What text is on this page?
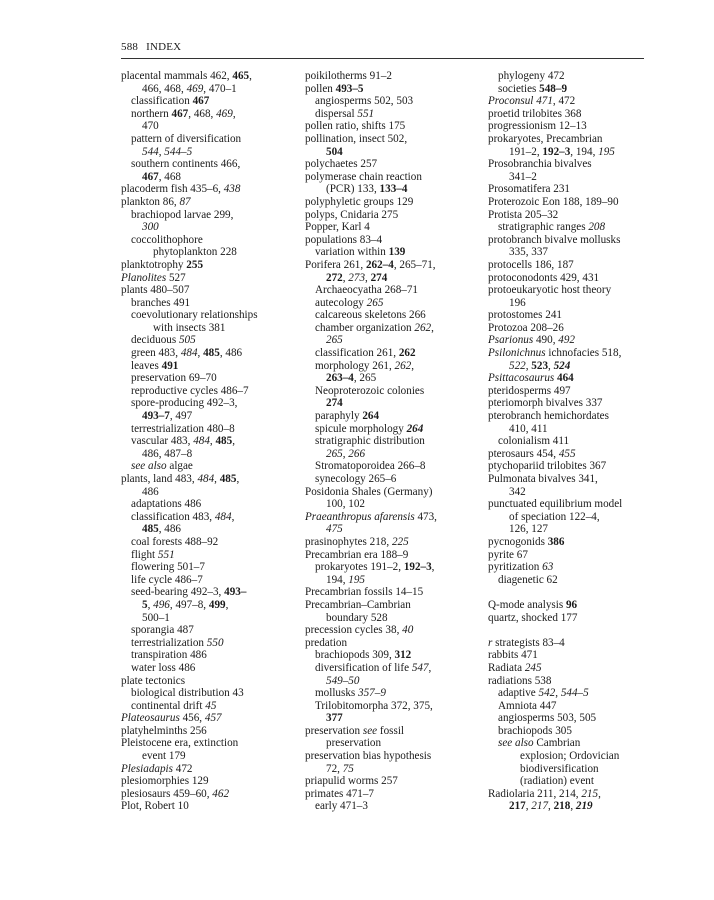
588 INDEX
placental mammals 462, 465,
466, 468, 469, 470–1
classification 467
northern 467, 468, 469,
470
pattern of diversification
544, 544–5
southern continents 466,
467, 468
placoderm fish 435–6, 438
plankton 86, 87
brachiopod larvae 299,
300
coccolithophore
phytoplankton 228
planktotrophy 255
Planolites 527
plants 480–507
branches 491
coevolutionary relationships
with insects 381
deciduous 505
green 483, 484, 485, 486
leaves 491
preservation 69–70
reproductive cycles 486–7
spore-producing 492–3,
493–7, 497
terrestrialization 480–8
vascular 483, 484, 485,
486, 487–8
see also algae
plants, land 483, 484, 485,
486
adaptations 486
classification 483, 484,
485, 486
coal forests 488–92
flight 551
flowering 501–7
life cycle 486–7
seed-bearing 492–3, 493–
5, 496, 497–8, 499,
500–1
sporangia 487
terrestrialization 550
transpiration 486
water loss 486
plate tectonics
biological distribution 43
continental drift 45
Plateosaurus 456, 457
platyhelminths 256
Pleistocene era, extinction
event 179
Plesiadapis 472
plesiomorphies 129
plesiosaurs 459–60, 462
Plot, Robert 10
poikilotherms 91–2
pollen 493–5
angiosperms 502, 503
dispersal 551
pollen ratio, shifts 175
pollination, insect 502,
504
polychaetes 257
polymerase chain reaction
(PCR) 133, 133–4
polyphyletic groups 129
polyps, Cnidaria 275
Popper, Karl 4
populations 83–4
variation within 139
Porifera 261, 262–4, 265–71,
272, 273, 274
Archaeocyatha 268–71
autecology 265
calcareous skeletons 266
chamber organization 262,
265
classification 261, 262
morphology 261, 262,
263–4, 265
Neoproterozoic colonies
274
paraphyly 264
spicule morphology 264
stratigraphic distribution
265, 266
Stromatoporoidea 266–8
synecology 265–6
Posidonia Shales (Germany)
100, 102
Praeanthropus afarensis 473,
475
prasinophytes 218, 225
Precambrian era 188–9
prokaryotes 191–2, 192–3,
194, 195
Precambrian fossils 14–15
Precambrian–Cambrian
boundary 528
precession cycles 38, 40
predation
brachiopods 309, 312
diversification of life 547,
549–50
mollusks 357–9
Trilobitomorpha 372, 375,
377
preservation see fossil
preservation
preservation bias hypothesis
72, 75
priapulid worms 257
primates 471–7
early 471–3
phylogeny 472
societies 548–9
Proconsul 471, 472
proetid trilobites 368
progressionism 12–13
prokaryotes, Precambrian
191–2, 192–3, 194, 195
Prosobranchia bivalves
341–2
Prosomatifera 231
Proterozoic Eon 188, 189–90
Protista 205–32
stratigraphic ranges 208
protobranch bivalve mollusks
335, 337
protocells 186, 187
protoconodonts 429, 431
protoeukaryotic host theory
196
protostomes 241
Protozoa 208–26
Psarionus 490, 492
Psilonichnus ichnofacies 518,
522, 523, 524
Psittacosaurus 464
pteridosperms 497
pteriomorph bivalves 337
pterobranch hemichordates
410, 411
colonialism 411
pterosaurs 454, 455
ptychopariid trilobites 367
Pulmonata bivalves 341,
342
punctuated equilibrium model
of speciation 122–4,
126, 127
pycnogonids 386
pyrite 67
pyritization 63
diagenetic 62
Q-mode analysis 96
quartz, shocked 177
r strategists 83–4
rabbits 471
Radiata 245
radiations 538
adaptive 542, 544–5
Amniota 447
angiosperms 503, 505
brachiopods 305
see also Cambrian
explosion; Ordovician
biodiversification
(radiation) event
Radiolaria 211, 214, 215,
217, 217, 218, 219
